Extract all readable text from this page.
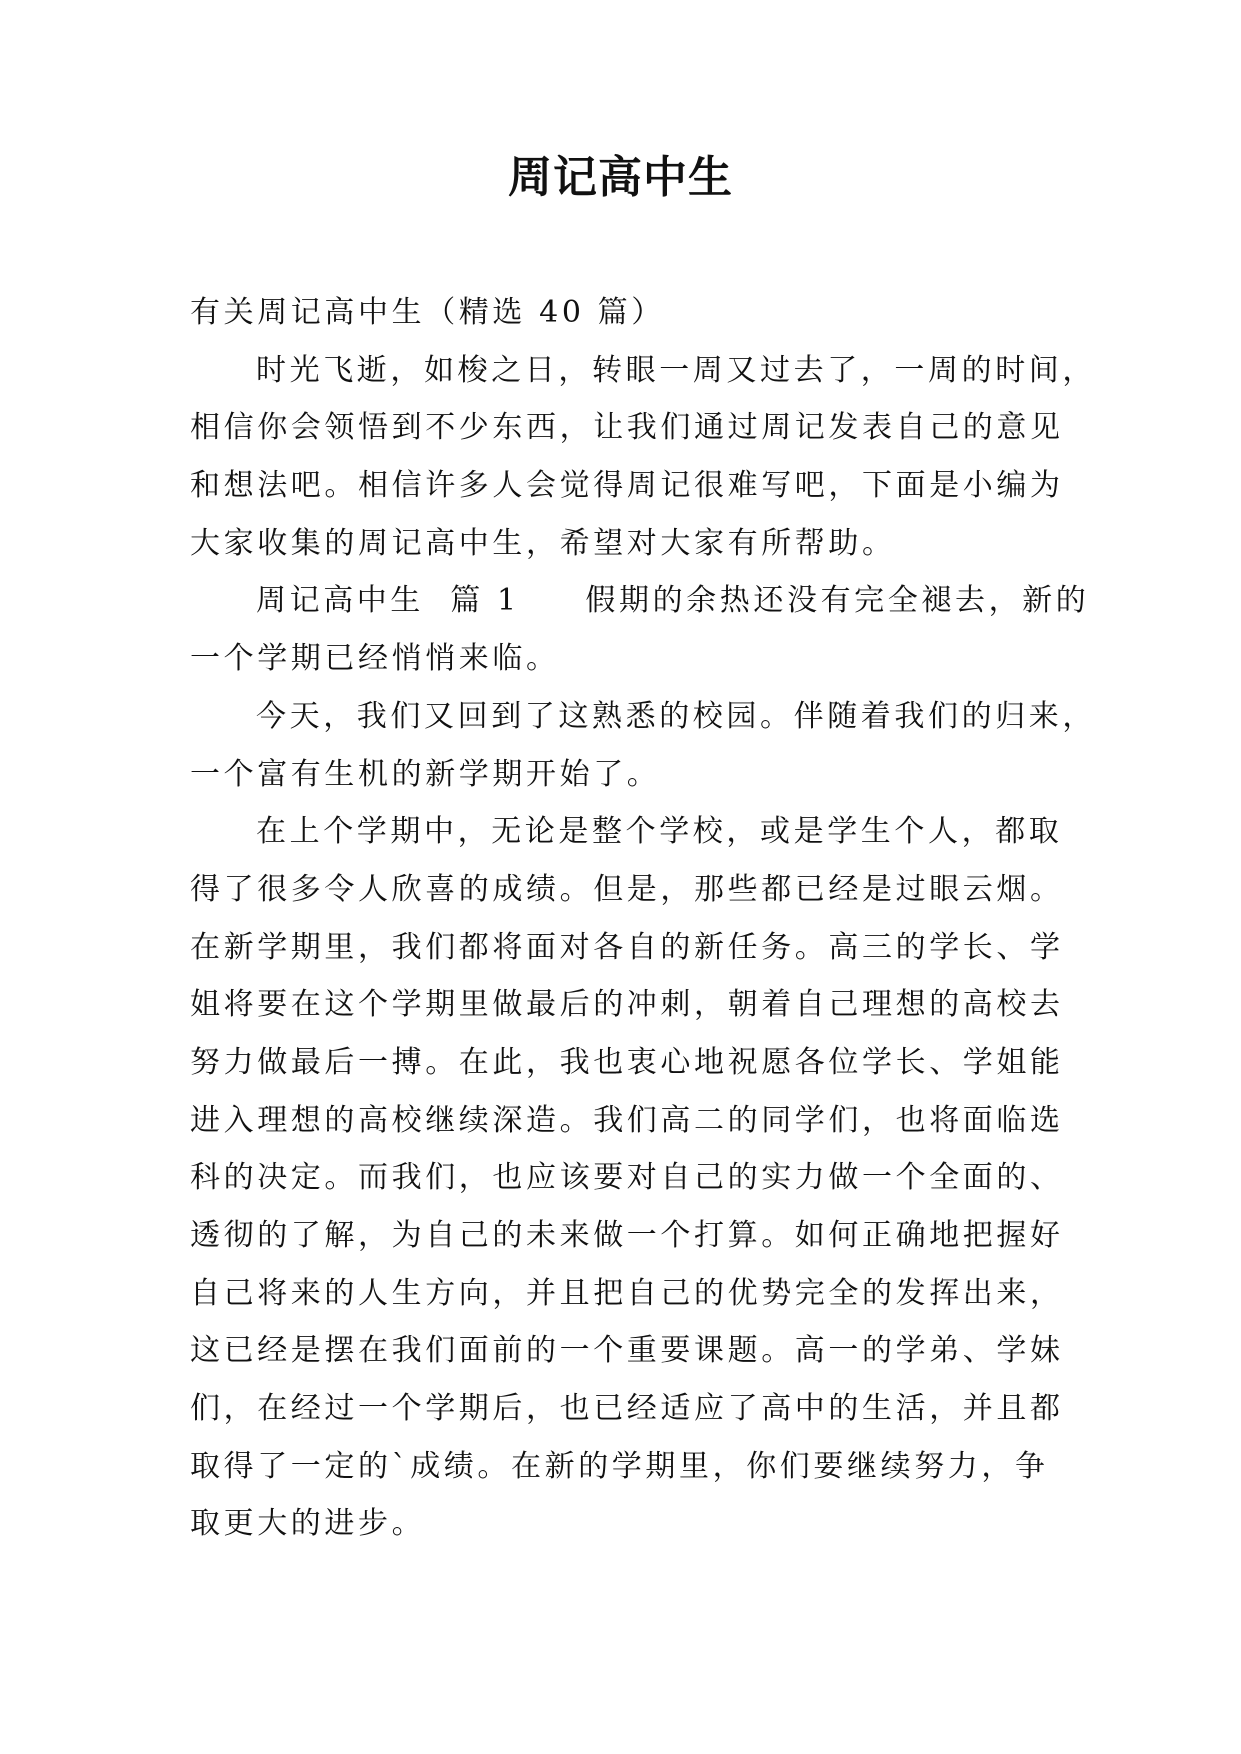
周记高中生
有关周记高中生（精选 40 篇）
时光飞逝，如梭之日，转眼一周又过去了，一周的时间，
相信你会领悟到不少东西，让我们通过周记发表自己的意见
和想法吧。相信许多人会觉得周记很难写吧，下面是小编为
大家收集的周记高中生，希望对大家有所帮助。
周记高中生  篇 1     假期的余热还没有完全褪去，新的
一个学期已经悄悄来临。
今天，我们又回到了这熟悉的校园。伴随着我们的归来，
一个富有生机的新学期开始了。
在上个学期中，无论是整个学校，或是学生个人，都取
得了很多令人欣喜的成绩。但是，那些都已经是过眼云烟。
在新学期里，我们都将面对各自的新任务。高三的学长、学
姐将要在这个学期里做最后的冲刺，朝着自己理想的高校去
努力做最后一搏。在此，我也衷心地祝愿各位学长、学姐能
进入理想的高校继续深造。我们高二的同学们，也将面临选
科的决定。而我们，也应该要对自己的实力做一个全面的、
透彻的了解，为自己的未来做一个打算。如何正确地把握好
自己将来的人生方向，并且把自己的优势完全的发挥出来，
这已经是摆在我们面前的一个重要课题。高一的学弟、学妹
们，在经过一个学期后，也已经适应了高中的生活，并且都
取得了一定的`成绩。在新的学期里，你们要继续努力，争
取更大的进步。
